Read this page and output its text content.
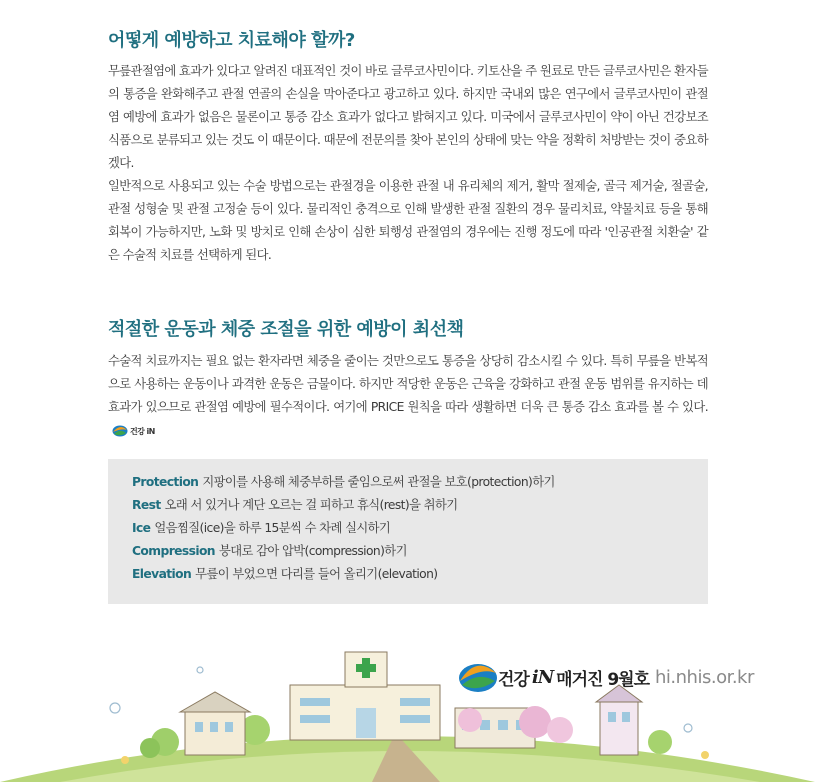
어떻게 예방하고 치료해야 할까?

무릎관절염에 효과가 있다고 알려진 대표적인 것이 바로 글루코사민이다. 키토산을 주 원료로 만든 글루코사민은 환자들의 통증을 완화해주고 관절 연골의 손실을 막아준다고 광고하고 있다. 하지만 국내외 많은 연구에서 글루코사민이 관절염 예방에 효과가 없음은 물론이고 통증 감소 효과가 없다고 밝혀지고 있다. 미국에서 글루코사민이 약이 아닌 건강보조식품으로 분류되고 있는 것도 이 때문이다. 때문에 전문의를 찾아 본인의 상태에 맞는 약을 정확히 처방받는 것이 중요하겠다.

일반적으로 사용되고 있는 수술 방법으로는 관절경을 이용한 관절 내 유리체의 제거, 활막 절제술, 골극 제거술, 절골술, 관절 성형술 및 관절 고정술 등이 있다. 물리적인 충격으로 인해 발생한 관절 질환의 경우 물리치료, 약물치료 등을 통해 회복이 가능하지만, 노화 및 방치로 인해 손상이 심한 퇴행성 관절염의 경우에는 진행 정도에 따라 '인공관절 치환술' 같은 수술적 치료를 선택하게 된다.

적절한 운동과 체중 조절을 위한 예방이 최선책

수술적 치료까지는 필요 없는 환자라면 체중을 줄이는 것만으로도 통증을 상당히 감소시킬 수 있다. 특히 무릎을 반복적으로 사용하는 운동이나 과격한 운동은 금물이다. 하지만 적당한 운동은 근육을 강화하고 관절 운동 범위를 유지하는 데 효과가 있으므로 관절염 예방에 필수적이다. 여기에 PRICE 원칙을 따라 생활하면 더욱 큰 통증 감소 효과를 볼 수 있다.$^{건강 iN}$

Protection 지팡이를 사용해 체중부하를 줄임으로써 관절을 보호(protection)하기
Rest 오래 서 있거나 계단 오르는 걸 피하고 휴식(rest)을 취하기
Ice 얼음찜질(ice)을 하루 15분씩 수 차례 실시하기
Compression 붕대로 감아 압박(compression)하기
Elevation 무릎이 부었으면 다리를 들어 올리기(elevation)
건강 iN 매거진 9월호 hi.nhis.or.kr
